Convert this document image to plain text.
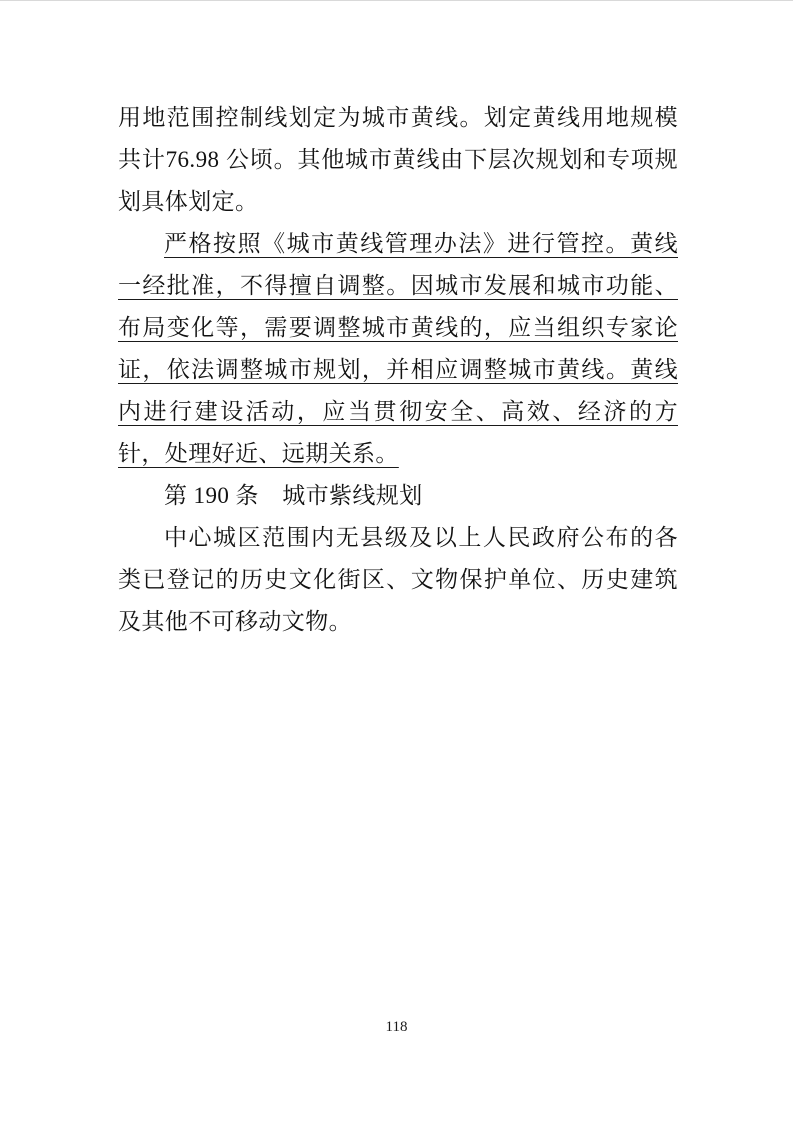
用地范围控制线划定为城市黄线。划定黄线用地规模共计76.98 公顷。其他城市黄线由下层次规划和专项规划具体划定。

严格按照《城市黄线管理办法》进行管控。黄线一经批准，不得擅自调整。因城市发展和城市功能、布局变化等，需要调整城市黄线的，应当组织专家论证，依法调整城市规划，并相应调整城市黄线。黄线内进行建设活动，应当贯彻安全、高效、经济的方针，处理好近、远期关系。

第 190 条　城市紫线规划

中心城区范围内无县级及以上人民政府公布的各类已登记的历史文化街区、文物保护单位、历史建筑及其他不可移动文物。

118
